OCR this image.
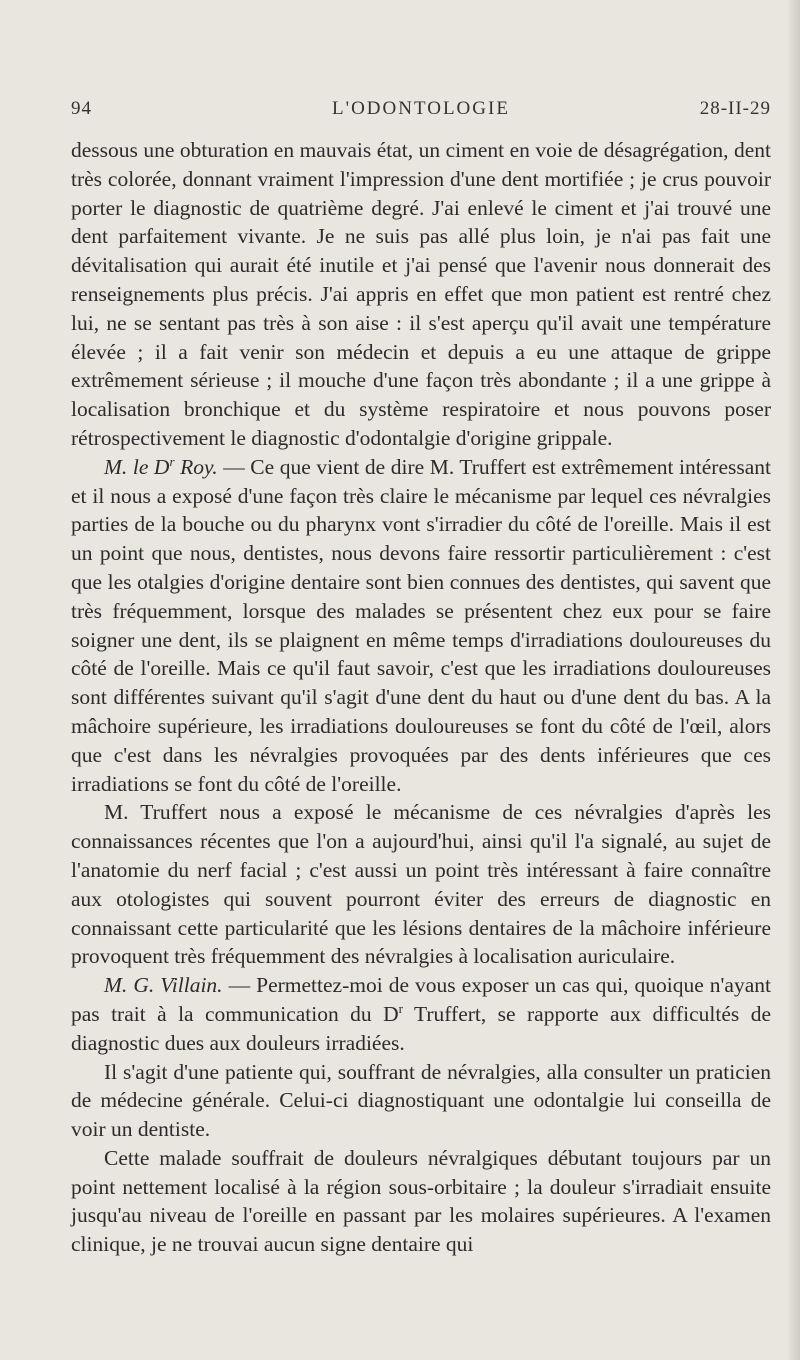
94	L'ODONTOLOGIE	28-II-29

dessous une obturation en mauvais état, un ciment en voie de désagrégation, dent très colorée, donnant vraiment l'impression d'une dent mortifiée ; je crus pouvoir porter le diagnostic de quatrième degré. J'ai enlevé le ciment et j'ai trouvé une dent parfaitement vivante. Je ne suis pas allé plus loin, je n'ai pas fait une dévitalisation qui aurait été inutile et j'ai pensé que l'avenir nous donnerait des renseignements plus précis. J'ai appris en effet que mon patient est rentré chez lui, ne se sentant pas très à son aise : il s'est aperçu qu'il avait une température élevée ; il a fait venir son médecin et depuis a eu une attaque de grippe extrêmement sérieuse ; il mouche d'une façon très abondante ; il a une grippe à localisation bronchique et du système respiratoire et nous pouvons poser rétrospectivement le diagnostic d'odontalgie d'origine grippale.

M. le $D^r$ Roy. — Ce que vient de dire M. Truffert est extrêmement intéressant et il nous a exposé d'une façon très claire le mécanisme par lequel ces névralgies parties de la bouche ou du pharynx vont s'irradier du côté de l'oreille. Mais il est un point que nous, dentistes, nous devons faire ressortir particulièrement : c'est que les otalgies d'origine dentaire sont bien connues des dentistes, qui savent que très fréquemment, lorsque des malades se présentent chez eux pour se faire soigner une dent, ils se plaignent en même temps d'irradiations douloureuses du côté de l'oreille. Mais ce qu'il faut savoir, c'est que les irradiations douloureuses sont différentes suivant qu'il s'agit d'une dent du haut ou d'une dent du bas. A la mâchoire supérieure, les irradiations douloureuses se font du côté de l'œil, alors que c'est dans les névralgies provoquées par des dents inférieures que ces irradiations se font du côté de l'oreille.

M. Truffert nous a exposé le mécanisme de ces névralgies d'après les connaissances récentes que l'on a aujourd'hui, ainsi qu'il l'a signalé, au sujet de l'anatomie du nerf facial ; c'est aussi un point très intéressant à faire connaître aux otologistes qui souvent pourront éviter des erreurs de diagnostic en connaissant cette particularité que les lésions dentaires de la mâchoire inférieure provoquent très fréquemment des névralgies à localisation auriculaire.

M. G. Villain. — Permettez-moi de vous exposer un cas qui, quoique n'ayant pas trait à la communication du $D^r$ Truffert, se rapporte aux difficultés de diagnostic dues aux douleurs irradiées.

Il s'agit d'une patiente qui, souffrant de névralgies, alla consulter un praticien de médecine générale. Celui-ci diagnostiquant une odontalgie lui conseilla de voir un dentiste.

Cette malade souffrait de douleurs névralgiques débutant toujours par un point nettement localisé à la région sous-orbitaire ; la douleur s'irradiait ensuite jusqu'au niveau de l'oreille en passant par les molaires supérieures. A l'examen clinique, je ne trouvai aucun signe dentaire qui
